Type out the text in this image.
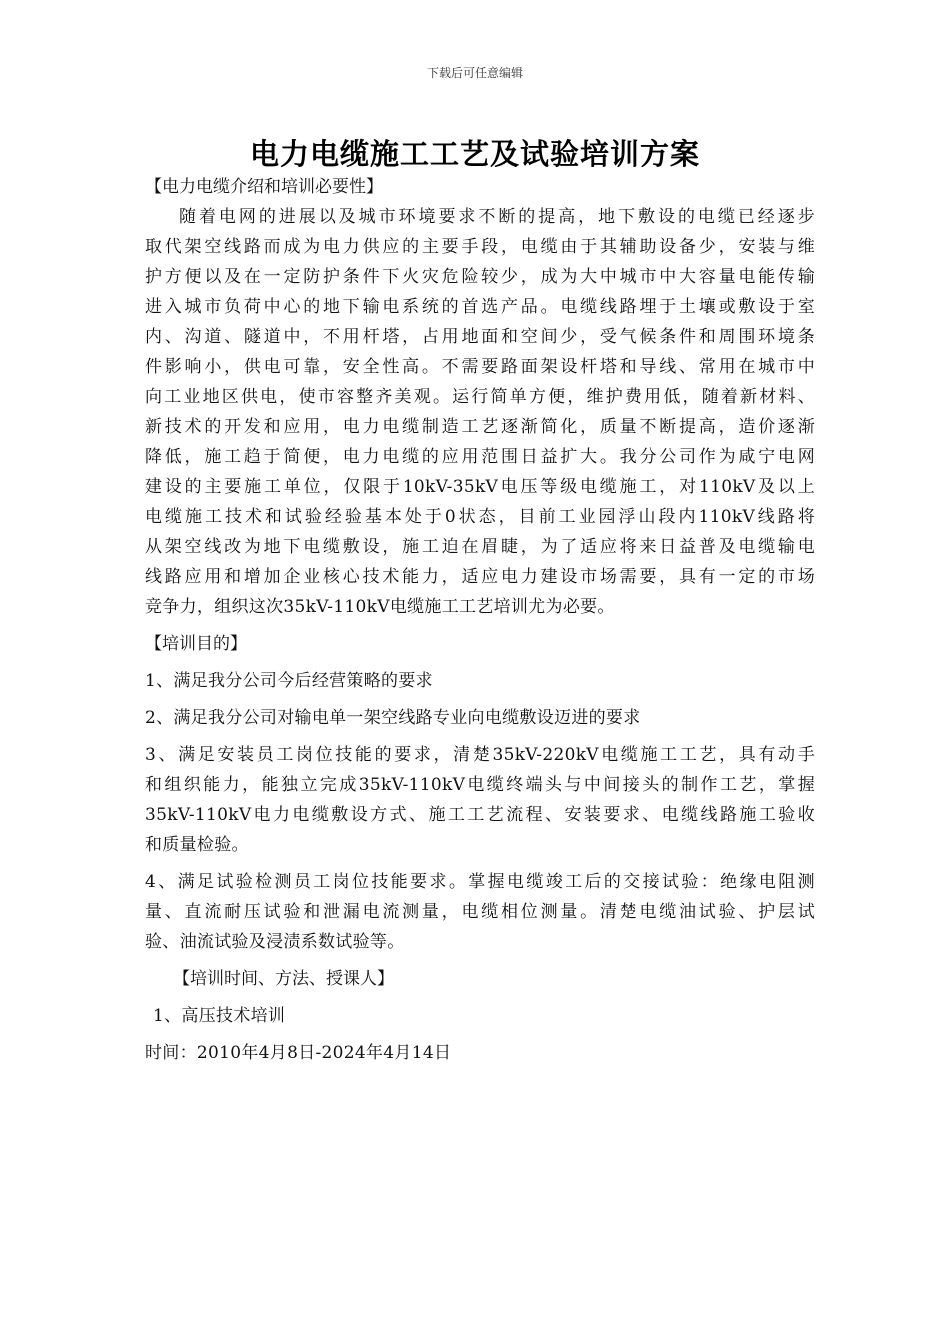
下载后可任意编辑
电力电缆施工工艺及试验培训方案

【电力电缆介绍和培训必要性】

随着电网的进展以及城市环境要求不断的提高，地下敷设的电缆已经逐步
取代架空线路而成为电力供应的主要手段，电缆由于其辅助设备少，安装与维
护方便以及在一定防护条件下火灾危险较少，成为大中城市中大容量电能传输
进入城市负荷中心的地下输电系统的首选产品。电缆线路埋于土壤或敷设于室
内、沟道、隧道中，不用杆塔，占用地面和空间少，受气候条件和周围环境条
件影响小，供电可靠，安全性高。不需要路面架设杆塔和导线、常用在城市中
向工业地区供电，使市容整齐美观。运行简单方便，维护费用低，随着新材料、
新技术的开发和应用，电力电缆制造工艺逐渐简化，质量不断提高，造价逐渐
降低，施工趋于简便，电力电缆的应用范围日益扩大。我分公司作为咸宁电网
建设的主要施工单位，仅限于10kV-35kV电压等级电缆施工，对110kV及以上
电缆施工技术和试验经验基本处于0状态，目前工业园浮山段内110kV线路将
从架空线改为地下电缆敷设，施工迫在眉睫，为了适应将来日益普及电缆输电
线路应用和增加企业核心技术能力，适应电力建设市场需要，具有一定的市场
竞争力，组织这次35kV-110kV电缆施工工艺培训尤为必要。

【培训目的】

1、满足我分公司今后经营策略的要求

2、满足我分公司对输电单一架空线路专业向电缆敷设迈进的要求

3、满足安装员工岗位技能的要求，清楚35kV-220kV电缆施工工艺，具有动手
和组织能力，能独立完成35kV-110kV电缆终端头与中间接头的制作工艺，掌握
35kV-110kV电力电缆敷设方式、施工工艺流程、安装要求、电缆线路施工验收
和质量检验。
4、满足试验检测员工岗位技能要求。掌握电缆竣工后的交接试验：绝缘电阻测
量、直流耐压试验和泄漏电流测量，电缆相位测量。清楚电缆油试验、护层试
验、油流试验及浸渍系数试验等。

【培训时间、方法、授课人】

1、高压技术培训

时间：2010年4月8日-2024年4月14日
